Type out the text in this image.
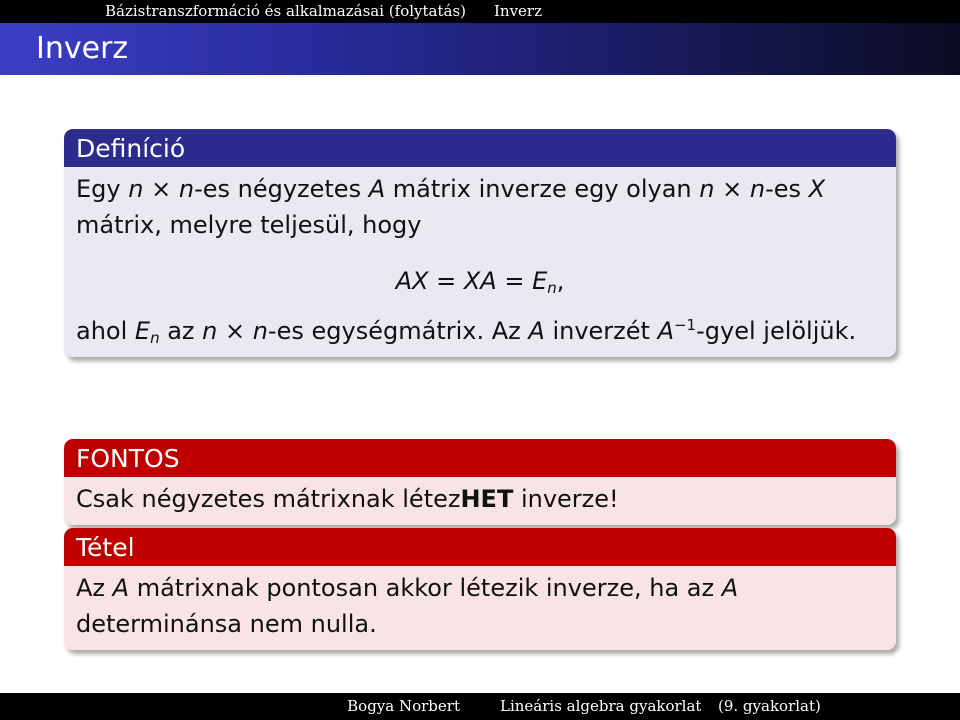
Bázistranszformáció és alkalmazásai (folytatás)	Inverz
Inverz
Definíció
Egy n × n-es négyzetes A mátrix inverze egy olyan n × n-es X
mátrix, melyre teljesül, hogy
AX = XA = $E_n$,
ahol $E_n$ az n × n-es egységmátrix. Az A inverzét $A^{-1}$-gyel jelöljük.
FONTOS
Csak négyzetes mátrixnak létezHET inverze!
Tétel
Az A mátrixnak pontosan akkor létezik inverze, ha az A
determinánsa nem nulla.
Bogya Norbert	Lineáris algebra gyakorlat (9. gyakorlat)
